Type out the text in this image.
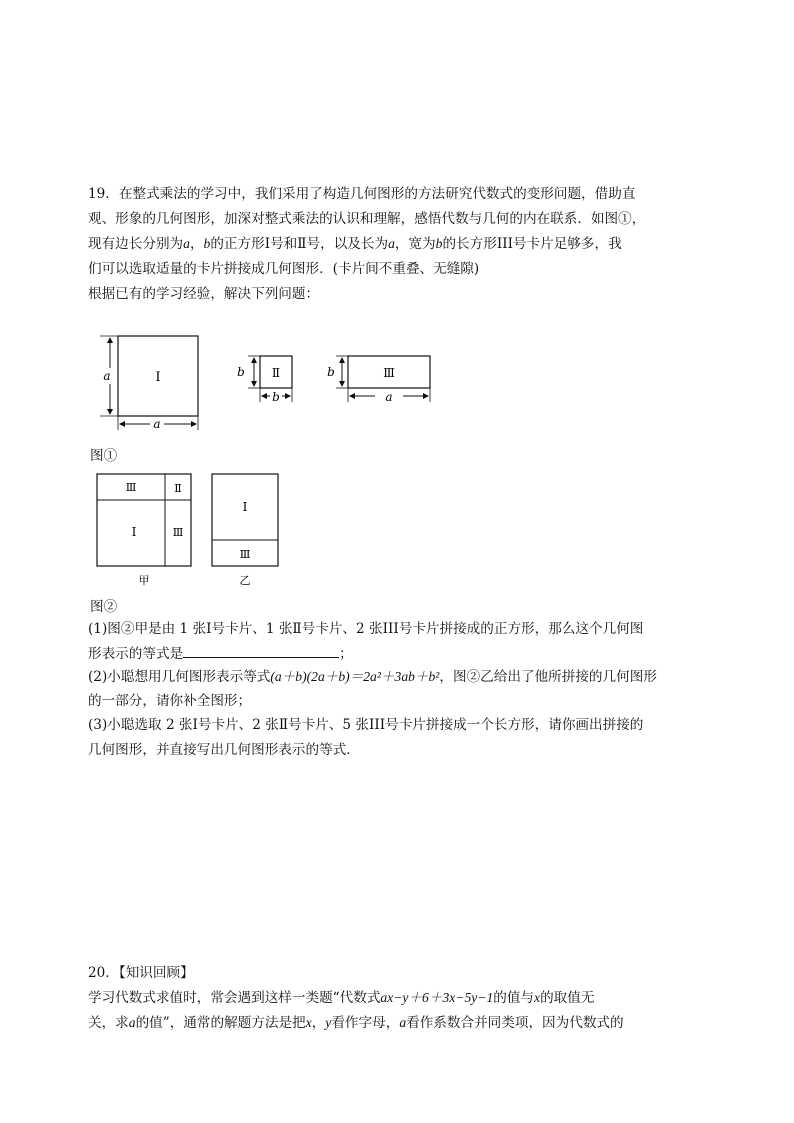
19．在整式乘法的学习中，我们采用了构造几何图形的方法研究代数式的变形问题，借助直
观、形象的几何图形，加深对整式乘法的认识和理解，感悟代数与几何的内在联系．如图①，
现有边长分别为a，b的正方形Ⅰ号和Ⅱ号，以及长为a，宽为b的长方形III号卡片足够多，我
们可以选取适量的卡片拼接成几何图形．(卡片间不重叠、无缝隙)
根据已有的学习经验，解决下列问题：
Ⅰ
a
a
Ⅱ
b
b
Ⅲ
b
a
图①
Ⅲ	Ⅱ
Ⅰ	Ⅲ
甲
Ⅰ
Ⅲ
乙
图②
(1)图②甲是由 1 张Ⅰ号卡片、1 张Ⅱ号卡片、2 张III号卡片拼接成的正方形，那么这个几何图
形表示的等式是	；
(2)小聪想用几何图形表示等式(a＋b)(2a＋b)＝2a²＋3ab＋b²，图②乙给出了他所拼接的几何图形
的一部分，请你补全图形；
(3)小聪选取 2 张Ⅰ号卡片、2 张Ⅱ号卡片、5 张III号卡片拼接成一个长方形，请你画出拼接的
几何图形，并直接写出几何图形表示的等式．
20．【知识回顾】
学习代数式求值时，常会遇到这样一类题“代数式ax−y＋6＋3x−5y−1的值与x的取值无
关，求a的值”，通常的解题方法是把x，y看作字母，a看作系数合并同类项，因为代数式的
